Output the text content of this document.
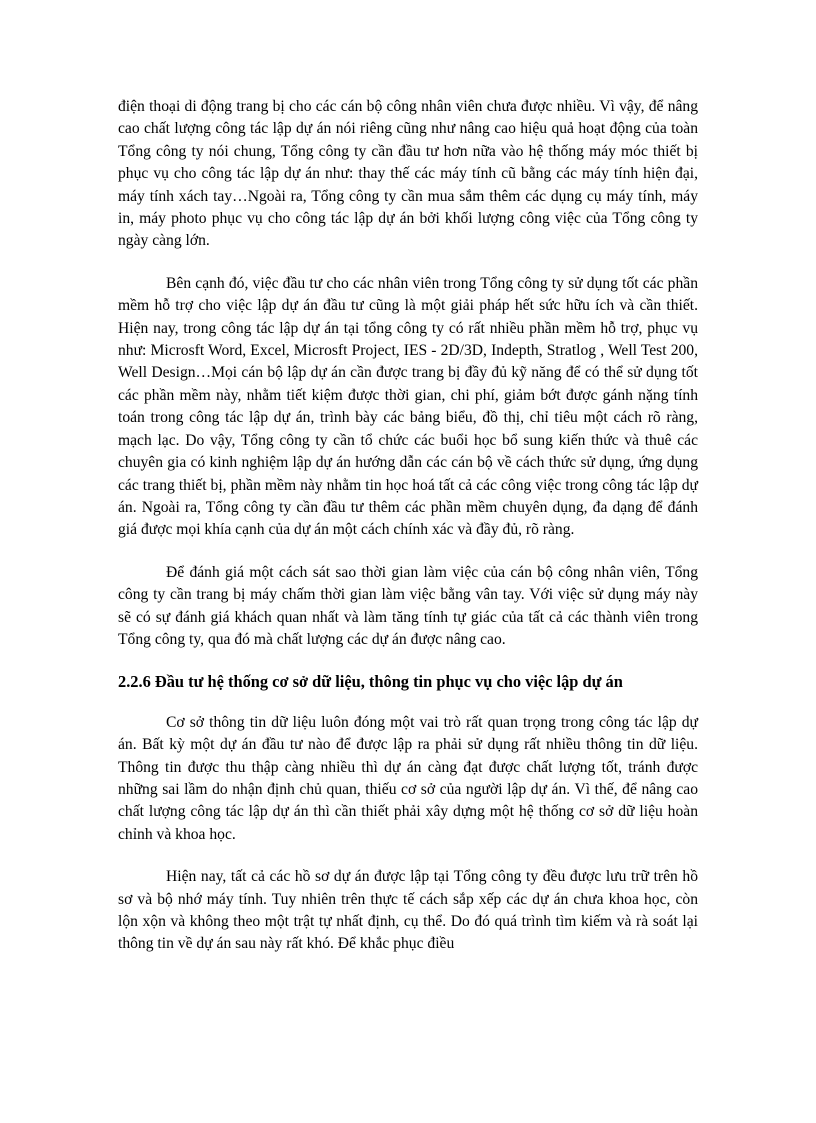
điện thoại di động trang bị cho các cán bộ công nhân viên chưa được nhiều. Vì vậy, để nâng cao chất lượng công tác lập dự án nói riêng cũng như nâng cao hiệu quả hoạt động của toàn Tổng công ty nói chung, Tổng công ty cần đầu tư hơn nữa vào hệ thống máy móc thiết bị phục vụ cho công tác lập dự án như: thay thế các máy tính cũ bằng các máy tính hiện đại, máy tính xách tay…Ngoài ra, Tổng công ty cần mua sắm thêm các dụng cụ máy tính, máy in, máy photo phục vụ cho công tác lập dự án bởi khối lượng công việc của Tổng công ty ngày càng lớn.

Bên cạnh đó, việc đầu tư cho các nhân viên trong Tổng công ty sử dụng tốt các phần mềm hỗ trợ cho việc lập dự án đầu tư cũng là một giải pháp hết sức hữu ích và cần thiết. Hiện nay, trong công tác lập dự án tại tổng công ty có rất nhiều phần mềm hỗ trợ, phục vụ như: Microsft Word, Excel, Microsft Project, IES - 2D/3D, Indepth, Stratlog , Well Test 200, Well Design…Mọi cán bộ lập dự án cần được trang bị đầy đủ kỹ năng để có thể sử dụng tốt các phần mềm này, nhằm tiết kiệm được thời gian, chi phí, giảm bớt được gánh nặng tính toán trong công tác lập dự án, trình bày các bảng biểu, đồ thị, chỉ tiêu một cách rõ ràng, mạch lạc. Do vậy, Tổng công ty cần tổ chức các buổi học bổ sung kiến thức và thuê các chuyên gia có kinh nghiệm lập dự án hướng dẫn các cán bộ về cách thức sử dụng, ứng dụng các trang thiết bị, phần mềm này nhằm tin học hoá tất cả các công việc trong công tác lập dự án. Ngoài ra, Tổng công ty cần đầu tư thêm các phần mềm chuyên dụng, đa dạng để đánh giá được mọi khía cạnh của dự án một cách chính xác và đầy đủ, rõ ràng.

Để đánh giá một cách sát sao thời gian làm việc của cán bộ công nhân viên, Tổng công ty cần trang bị máy chấm thời gian làm việc bằng vân tay. Với việc sử dụng máy này sẽ có sự đánh giá khách quan nhất và làm tăng tính tự giác của tất cả các thành viên trong Tổng công ty, qua đó mà chất lượng các dự án được nâng cao.

2.2.6 Đầu tư hệ thống cơ sở dữ liệu, thông tin phục vụ cho việc lập dự án

Cơ sở thông tin dữ liệu luôn đóng một vai trò rất quan trọng trong công tác lập dự án. Bất kỳ một dự án đầu tư nào để được lập ra phải sử dụng rất nhiều thông tin dữ liệu. Thông tin được thu thập càng nhiều thì dự án càng đạt được chất lượng tốt, tránh được những sai lầm do nhận định chủ quan, thiếu cơ sở của người lập dự án. Vì thế, để nâng cao chất lượng công tác lập dự án thì cần thiết phải xây dựng một hệ thống cơ sở dữ liệu hoàn chỉnh và khoa học.

Hiện nay, tất cả các hồ sơ dự án được lập tại Tổng công ty đều được lưu trữ trên hồ sơ và bộ nhớ máy tính. Tuy nhiên trên thực tế cách sắp xếp các dự án chưa khoa học, còn lộn xộn và không theo một trật tự nhất định, cụ thể. Do đó quá trình tìm kiếm và rà soát lại thông tin về dự án sau này rất khó. Để khắc phục điều
